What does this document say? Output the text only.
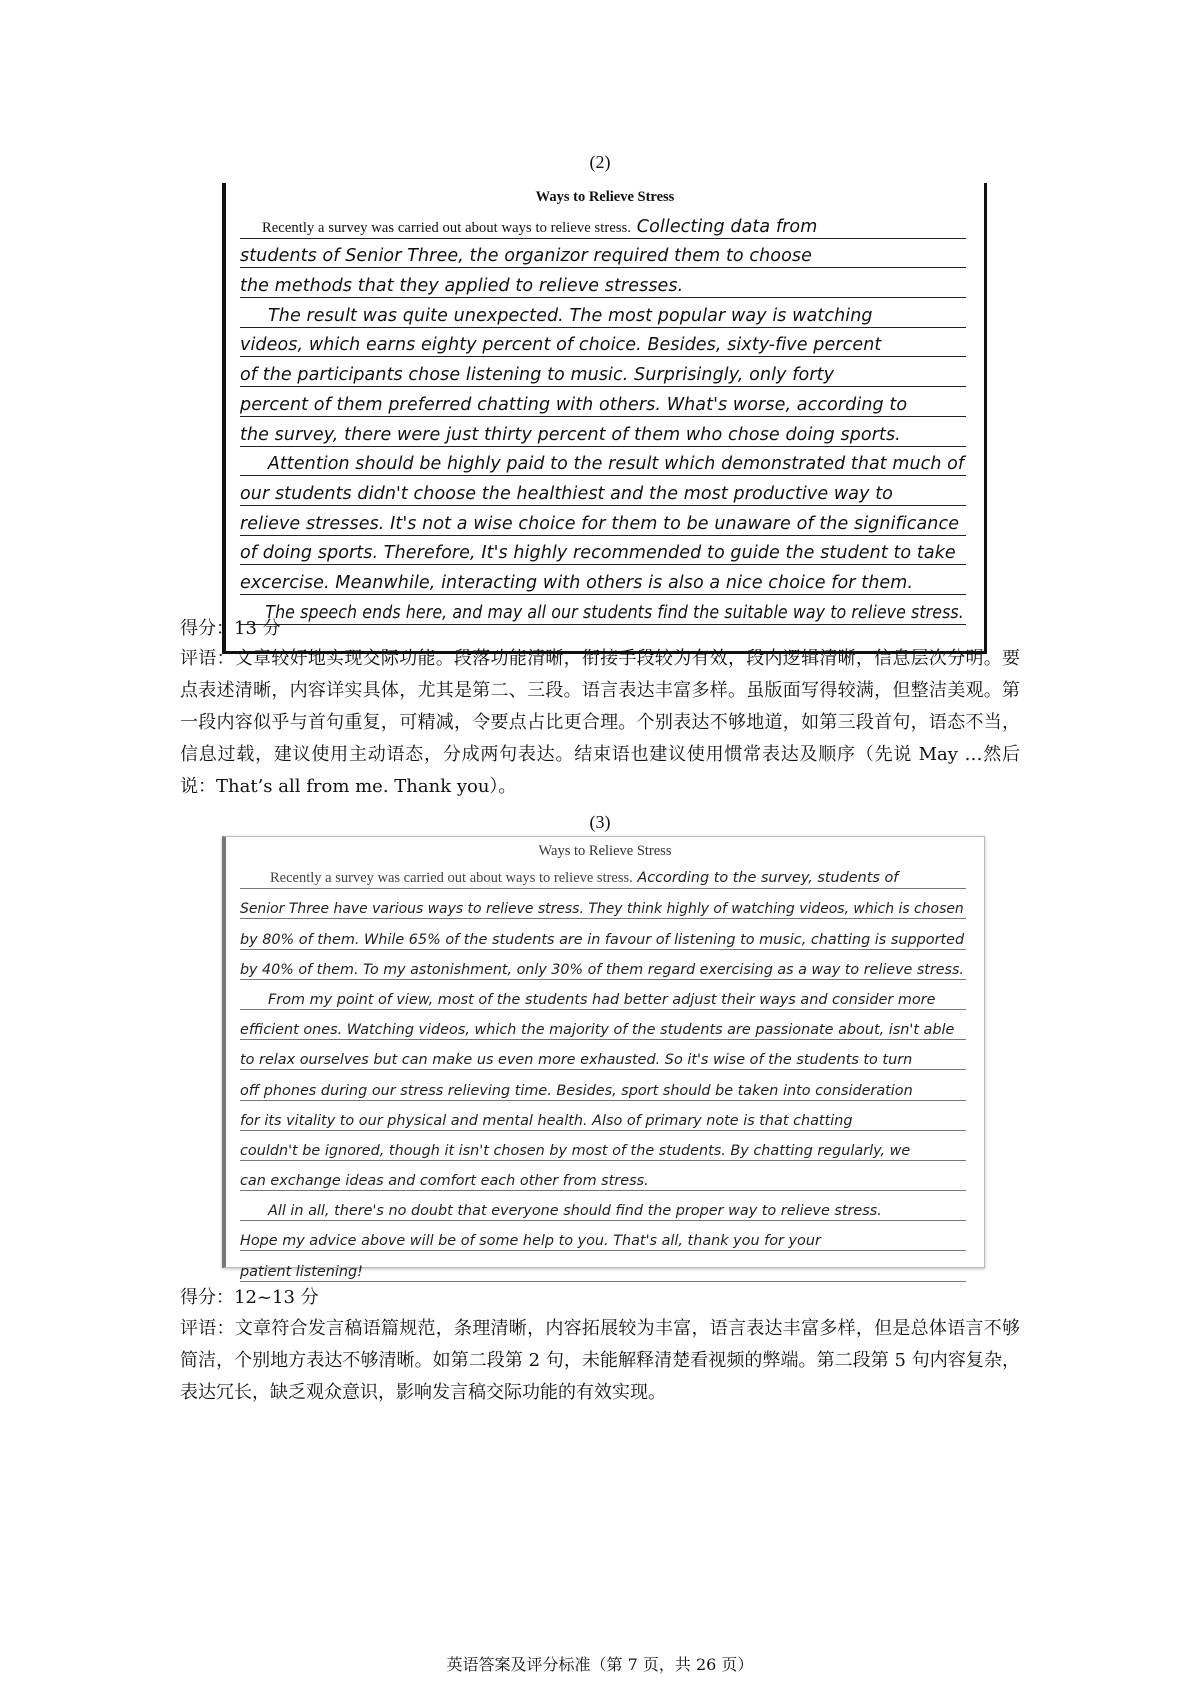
(2)
Ways to Relieve Stress
Recently a survey was carried out about ways to relieve stress. Collecting data from
students of Senior Three, the organizor required them to choose
the methods that they applied to relieve stresses.
The result was quite unexpected. The most popular way is watching
videos, which earns eighty percent of choice. Besides, sixty-five percent
of the participants chose listening to music. Surprisingly, only forty
percent of them preferred chatting with others. What's worse, according to
the survey, there were just thirty percent of them who chose doing sports.
Attention should be highly paid to the result which demonstrated that much of
our students didn't choose the healthiest and the most productive way to
relieve stresses. It's not a wise choice for them to be unaware of the significance
of doing sports. Therefore, It's highly recommended to guide the student to take
excercise. Meanwhile, interacting with others is also a nice choice for them.
The speech ends here, and may all our students find the suitable way to relieve stress.
得分：13 分
评语：文章较好地实现交际功能。段落功能清晰，衔接手段较为有效，段内逻辑清晰，信息层次分明。要点表述清晰，内容详实具体，尤其是第二、三段。语言表达丰富多样。虽版面写得较满，但整洁美观。第一段内容似乎与首句重复，可精减，令要点占比更合理。个别表达不够地道，如第三段首句，语态不当，信息过载，建议使用主动语态，分成两句表达。结束语也建议使用惯常表达及顺序（先说 May …然后说：That’s all from me. Thank you）。
(3)
Ways to Relieve Stress
Recently a survey was carried out about ways to relieve stress. According to the survey, students of
Senior Three have various ways to relieve stress. They think highly of watching videos, which is chosen
by 80% of them. While 65% of the students are in favour of listening to music, chatting is supported
by 40% of them. To my astonishment, only 30% of them regard exercising as a way to relieve stress.
From my point of view, most of the students had better adjust their ways and consider more
efficient ones. Watching videos, which the majority of the students are passionate about, isn't able
to relax ourselves but can make us even more exhausted. So it's wise of the students to turn
off phones during our stress relieving time. Besides, sport should be taken into consideration
for its vitality to our physical and mental health. Also of primary note is that chatting
couldn't be ignored, though it isn't chosen by most of the students. By chatting regularly, we
can exchange ideas and comfort each other from stress.
All in all, there's no doubt that everyone should find the proper way to relieve stress.
Hope my advice above will be of some help to you. That's all, thank you for your
patient listening!
得分：12~13 分
评语：文章符合发言稿语篇规范，条理清晰，内容拓展较为丰富，语言表达丰富多样，但是总体语言不够简洁，个别地方表达不够清晰。如第二段第 2 句，未能解释清楚看视频的弊端。第二段第 5 句内容复杂，表达冗长，缺乏观众意识，影响发言稿交际功能的有效实现。
英语答案及评分标准（第 7 页，共 26 页）
